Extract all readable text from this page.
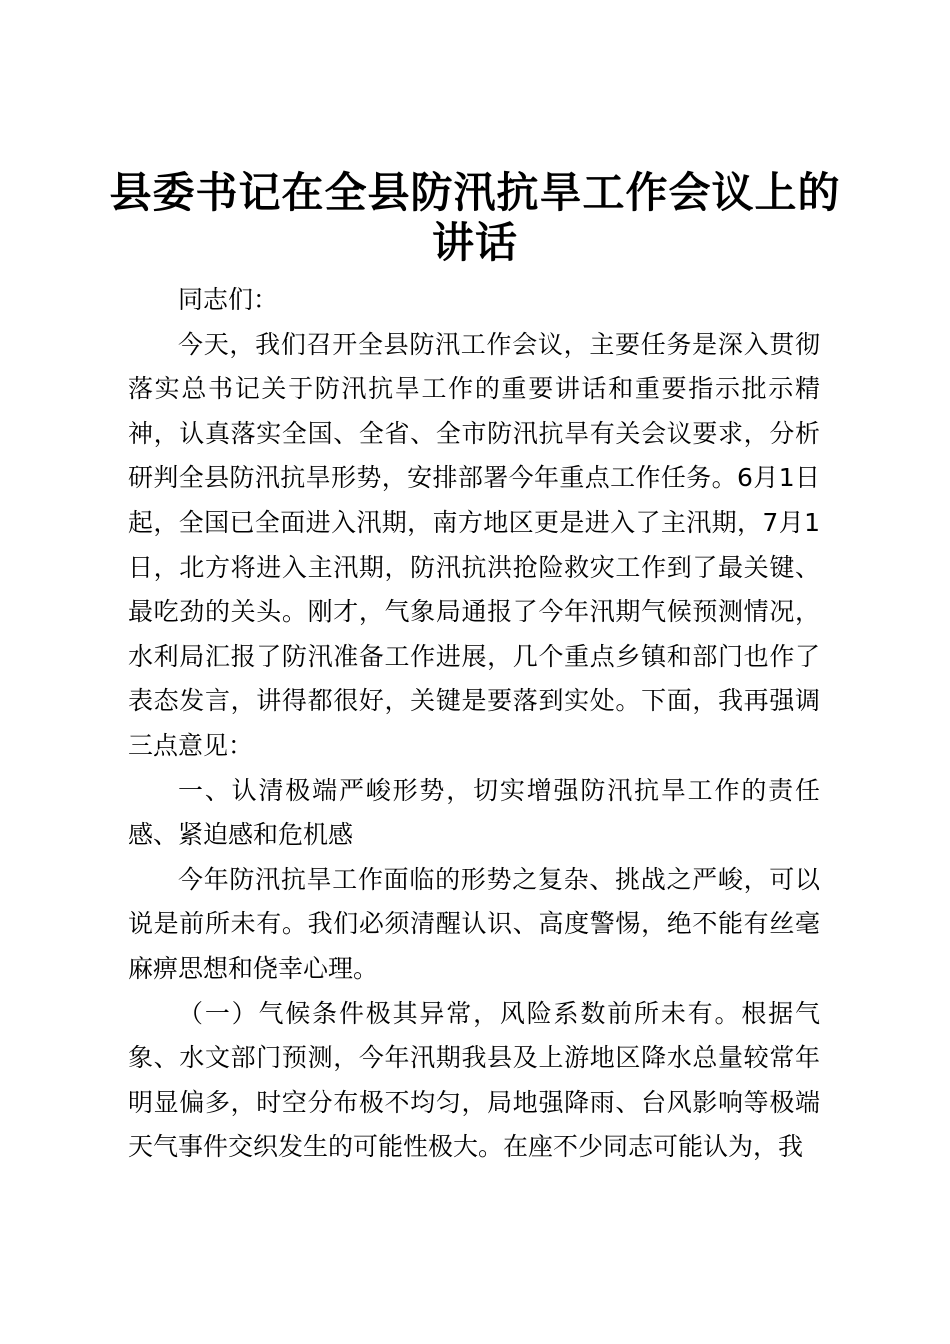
县委书记在全县防汛抗旱工作会议上的讲话

同志们：

今天，我们召开全县防汛工作会议，主要任务是深入贯彻落实总书记关于防汛抗旱工作的重要讲话和重要指示批示精神，认真落实全国、全省、全市防汛抗旱有关会议要求，分析研判全县防汛抗旱形势，安排部署今年重点工作任务。6月1日起，全国已全面进入汛期，南方地区更是进入了主汛期，7月1日，北方将进入主汛期，防汛抗洪抢险救灾工作到了最关键、最吃劲的关头。刚才，气象局通报了今年汛期气候预测情况，水利局汇报了防汛准备工作进展，几个重点乡镇和部门也作了表态发言，讲得都很好，关键是要落到实处。下面，我再强调三点意见：

一、认清极端严峻形势，切实增强防汛抗旱工作的责任感、紧迫感和危机感

今年防汛抗旱工作面临的形势之复杂、挑战之严峻，可以说是前所未有。我们必须清醒认识、高度警惕，绝不能有丝毫麻痹思想和侥幸心理。

（一）气候条件极其异常，风险系数前所未有。根据气象、水文部门预测，今年汛期我县及上游地区降水总量较常年明显偏多，时空分布极不均匀，局地强降雨、台风影响等极端天气事件交织发生的可能性极大。在座不少同志可能认为，我
